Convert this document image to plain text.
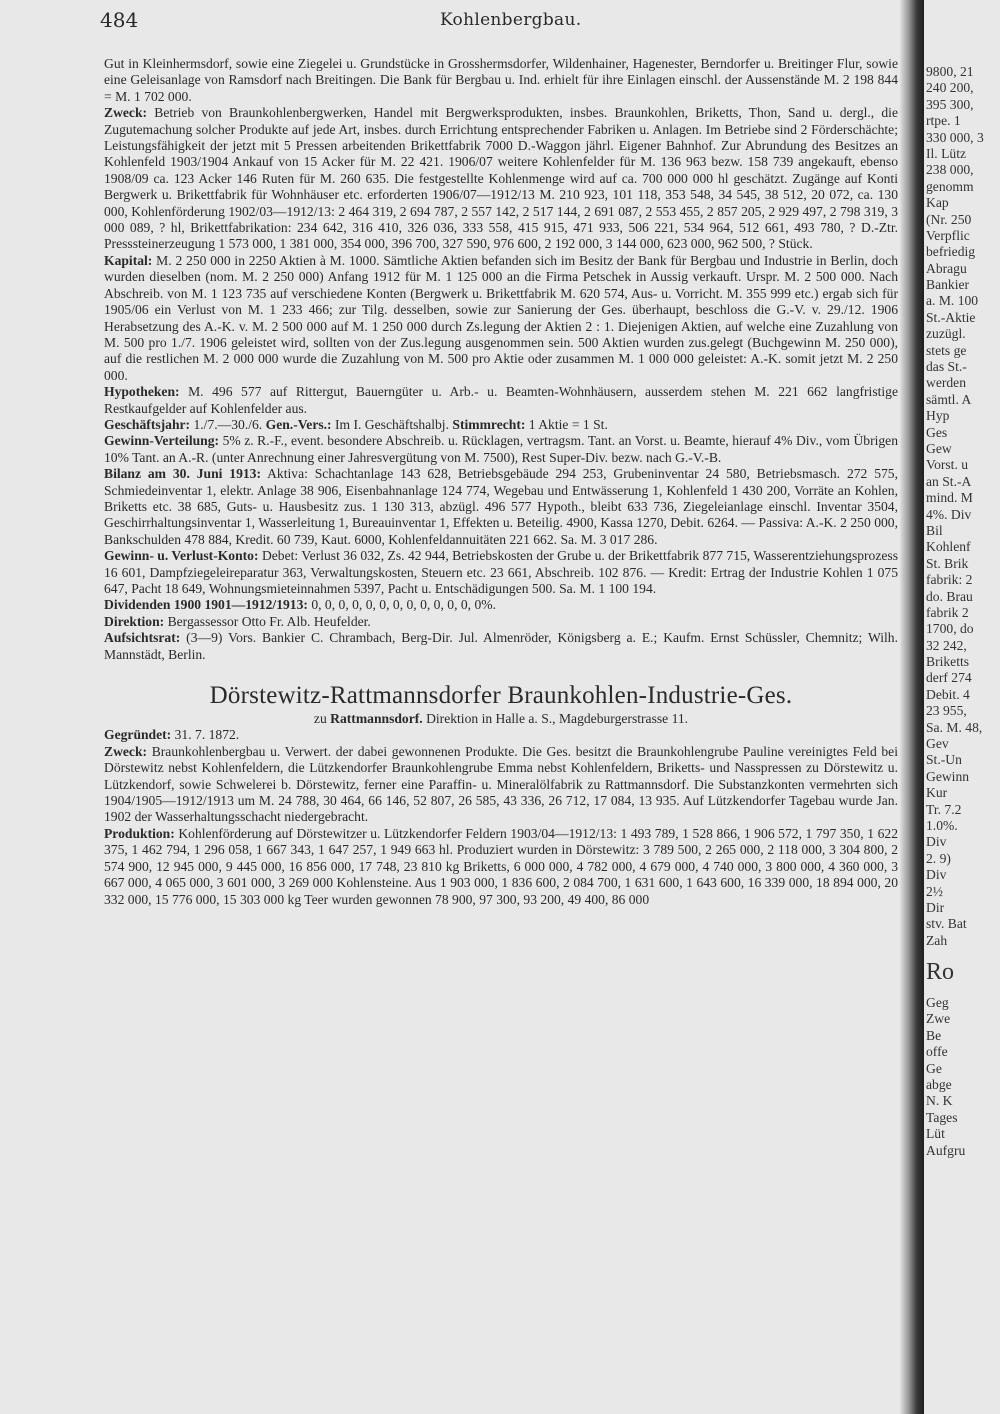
484	Kohlenbergbau.

Gut in Kleinhermsdorf, sowie eine Ziegelei u. Grundstücke in Grosshermsdorfer, Wildenhainer, Hagenester, Berndorfer u. Breitinger Flur, sowie eine Geleisanlage von Ramsdorf nach Breitingen. Die Bank für Bergbau u. Ind. erhielt für ihre Einlagen einschl. der Aussenstände M. 2 198 844 = M. 1 702 000.

Zweck: Betrieb von Braunkohlenbergwerken, Handel mit Bergwerksprodukten, insbes. Braunkohlen, Briketts, Thon, Sand u. dergl., die Zugutemachung solcher Produkte auf jede Art, insbes. durch Errichtung entsprechender Fabriken u. Anlagen. Im Betriebe sind 2 Förderschächte; Leistungsfähigkeit der jetzt mit 5 Pressen arbeitenden Brikettfabrik 7000 D.-Waggon jährl. Eigener Bahnhof. Zur Abrundung des Besitzes an Kohlenfeld 1903/1904 Ankauf von 15 Acker für M. 22 421. 1906/07 weitere Kohlenfelder für M. 136 963 bezw. 158 739 angekauft, ebenso 1908/09 ca. 123 Acker 146 Ruten für M. 260 635. Die festgestellte Kohlenmenge wird auf ca. 700 000 000 hl geschätzt. Zugänge auf Konti Bergwerk u. Brikettfabrik für Wohnhäuser etc. erforderten 1906/07—1912/13 M. 210 923, 101 118, 353 548, 34 545, 38 512, 20 072, ca. 130 000, Kohlenförderung 1902/03—1912/13: 2 464 319, 2 694 787, 2 557 142, 2 517 144, 2 691 087, 2 553 455, 2 857 205, 2 929 497, 2 798 319, 3 000 089, ? hl, Brikettfabrikation: 234 642, 316 410, 326 036, 333 558, 415 915, 471 933, 506 221, 534 964, 512 661, 493 780, ? D.-Ztr. Presssteinerzeugung 1 573 000, 1 381 000, 354 000, 396 700, 327 590, 976 600, 2 192 000, 3 144 000, 623 000, 962 500, ? Stück.

Kapital: M. 2 250 000 in 2250 Aktien à M. 1000. Sämtliche Aktien befanden sich im Besitz der Bank für Bergbau und Industrie in Berlin, doch wurden dieselben (nom. M. 2 250 000) Anfang 1912 für M. 1 125 000 an die Firma Petschek in Aussig verkauft. Urspr. M. 2 500 000. Nach Abschreib. von M. 1 123 735 auf verschiedene Konten (Bergwerk u. Brikettfabrik M. 620 574, Aus- u. Vorricht. M. 355 999 etc.) ergab sich für 1905/06 ein Verlust von M. 1 233 466; zur Tilg. desselben, sowie zur Sanierung der Ges. überhaupt, beschloss die G.-V. v. 29./12. 1906 Herabsetzung des A.-K. v. M. 2 500 000 auf M. 1 250 000 durch Zs.legung der Aktien 2 : 1. Diejenigen Aktien, auf welche eine Zuzahlung von M. 500 pro 1./7. 1906 geleistet wird, sollten von der Zus.legung ausgenommen sein. 500 Aktien wurden zus.gelegt (Buchgewinn M. 250 000), auf die restlichen M. 2 000 000 wurde die Zuzahlung von M. 500 pro Aktie oder zusammen M. 1 000 000 geleistet: A.-K. somit jetzt M. 2 250 000.

Hypotheken: M. 496 577 auf Rittergut, Bauerngüter u. Arb.- u. Beamten-Wohnhäusern, ausserdem stehen M. 221 662 langfristige Restkaufgelder auf Kohlenfelder aus.

Geschäftsjahr: 1./7.—30./6. Gen.-Vers.: Im I. Geschäftshalbj. Stimmrecht: 1 Aktie = 1 St.

Gewinn-Verteilung: 5% z. R.-F., event. besondere Abschreib. u. Rücklagen, vertragsm. Tant. an Vorst. u. Beamte, hierauf 4% Div., vom Übrigen 10% Tant. an A.-R. (unter Anrechnung einer Jahresvergütung von M. 7500), Rest Super-Div. bezw. nach G.-V.-B.

Bilanz am 30. Juni 1913: Aktiva: Schachtanlage 143 628, Betriebsgebäude 294 253, Grubeninventar 24 580, Betriebsmasch. 272 575, Schmiedeinventar 1, elektr. Anlage 38 906, Eisenbahnanlage 124 774, Wegebau und Entwässerung 1, Kohlenfeld 1 430 200, Vorräte an Kohlen, Briketts etc. 38 685, Guts- u. Hausbesitz zus. 1 130 313, abzügl. 496 577 Hypoth., bleibt 633 736, Ziegeleianlage einschl. Inventar 3504, Geschirrhaltungsinventar 1, Wasserleitung 1, Bureauinventar 1, Effekten u. Beteilig. 4900, Kassa 1270, Debit. 6264. — Passiva: A.-K. 2 250 000, Bankschulden 478 884, Kredit. 60 739, Kaut. 6000, Kohlenfeldannuitäten 221 662. Sa. M. 3 017 286.

Gewinn- u. Verlust-Konto: Debet: Verlust 36 032, Zs. 42 944, Betriebskosten der Grube u. der Brikettfabrik 877 715, Wasserentziehungsprozess 16 601, Dampfziegeleireparatur 363, Verwaltungskosten, Steuern etc. 23 661, Abschreib. 102 876. — Kredit: Ertrag der Industrie Kohlen 1 075 647, Pacht 18 649, Wohnungsmieteinnahmen 5397, Pacht u. Entschädigungen 500. Sa. M. 1 100 194.

Dividenden 1900 1901—1912/1913: 0, 0, 0, 0, 0, 0, 0, 0, 0, 0, 0, 0, 0%.

Direktion: Bergassessor Otto Fr. Alb. Heufelder.

Aufsichtsrat: (3—9) Vors. Bankier C. Chrambach, Berg-Dir. Jul. Almenröder, Königsberg a. E.; Kaufm. Ernst Schüssler, Chemnitz; Wilh. Mannstädt, Berlin.

Dörstewitz-Rattmannsdorfer Braunkohlen-Industrie-Ges.

zu Rattmannsdorf. Direktion in Halle a. S., Magdeburgerstrasse 11.

Gegründet: 31. 7. 1872.

Zweck: Braunkohlenbergbau u. Verwert. der dabei gewonnenen Produkte. Die Ges. besitzt die Braunkohlengrube Pauline vereinigtes Feld bei Dörstewitz nebst Kohlenfeldern, die Lützkendorfer Braunkohlengrube Emma nebst Kohlenfeldern, Briketts- und Nasspressen zu Dörstewitz u. Lützkendorf, sowie Schwelerei b. Dörstewitz, ferner eine Paraffin- u. Mineralölfabrik zu Rattmannsdorf. Die Substanzkonten vermehrten sich 1904/1905—1912/1913 um M. 24 788, 30 464, 66 146, 52 807, 26 585, 43 336, 26 712, 17 084, 13 935. Auf Lützkendorfer Tagebau wurde Jan. 1902 der Wasserhaltungsschacht niedergebracht.

Produktion: Kohlenförderung auf Dörstewitzer u. Lützkendorfer Feldern 1903/04—1912/13: 1 493 789, 1 528 866, 1 906 572, 1 797 350, 1 622 375, 1 462 794, 1 296 058, 1 667 343, 1 647 257, 1 949 663 hl. Produziert wurden in Dörstewitz: 3 789 500, 2 265 000, 2 118 000, 3 304 800, 2 574 900, 12 945 000, 9 445 000, 16 856 000, 17 748, 23 810 kg Briketts, 6 000 000, 4 782 000, 4 679 000, 4 740 000, 3 800 000, 4 360 000, 3 667 000, 4 065 000, 3 601 000, 3 269 000 Kohlensteine. Aus 1 903 000, 1 836 600, 2 084 700, 1 631 600, 1 643 600, 16 339 000, 18 894 000, 20 332 000, 15 776 000, 15 303 000 kg Teer wurden gewonnen 78 900, 97 300, 93 200, 49 400, 86 000

9800, 21
240 200,
395 300,
rtpe. 1
330 000, 3
Il. Lütz
238 000,
genomm
Kap
(Nr. 250
Verpflic
befriedig
Abragu
Bankier
a. M. 100
St.-Aktie
zuzügl.
stets ge
das St.-
werden
sämtl. A
Hyp
Ges
Gew
Vorst. u
an St.-A
mind. M
4%. Div
Bil
Kohlenf
St. Brik
fabrik: 2
do. Brau
fabrik 2
1700, do
32 242,
Briketts
derf 274
Debit. 4
23 955,
Sa. M. 48,
Gev
St.-Un
Gewinn
Kur
Tr. 7.2
1.0%.
Div
2. 9)
Div
2½
Dir
stv. Bat
Zah
Ro
Geg
Zwe
Be
offe
Ge
abge
N. K
Tages
Lüt
Aufgru
